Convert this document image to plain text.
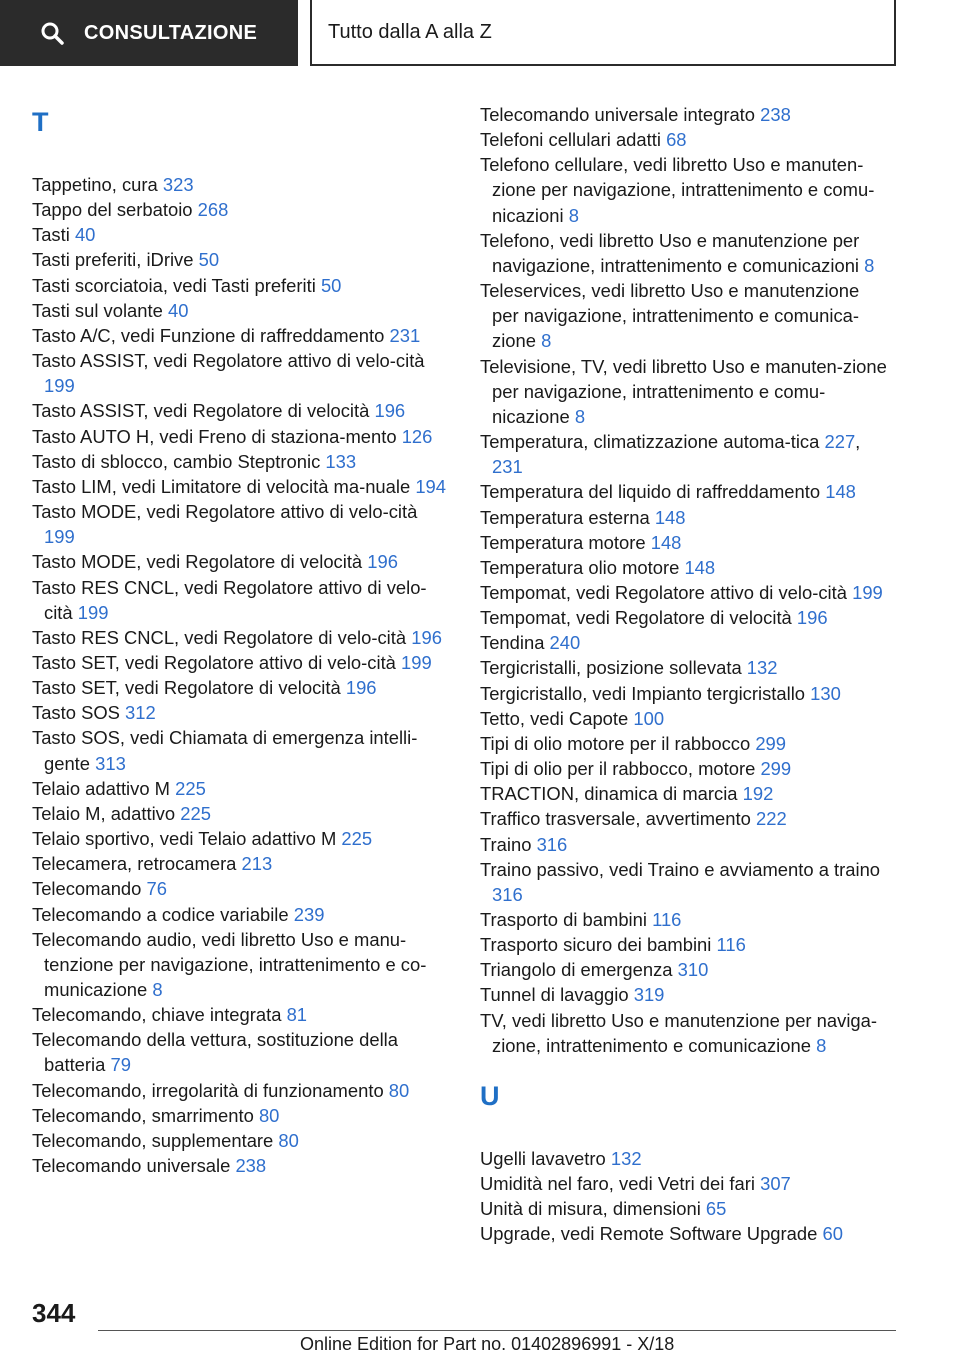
CONSULTAZIONE	Tutto dalla A alla Z
T
Tappetino, cura 323
Tappo del serbatoio 268
Tasti 40
Tasti preferiti, iDrive 50
Tasti scorciatoia, vedi Tasti preferiti 50
Tasti sul volante 40
Tasto A/C, vedi Funzione di raffreddamento 231
Tasto ASSIST, vedi Regolatore attivo di velo-​cità 199
Tasto ASSIST, vedi Regolatore di velocità 196
Tasto AUTO H, vedi Freno di staziona-​mento 126
Tasto di sblocco, cambio Steptronic 133
Tasto LIM, vedi Limitatore di velocità ma-​nuale 194
Tasto MODE, vedi Regolatore attivo di velo-​cità 199
Tasto MODE, vedi Regolatore di velocità 196
Tasto RES CNCL, vedi Regolatore attivo di velo-​cità 199
Tasto RES CNCL, vedi Regolatore di velo-​cità 196
Tasto SET, vedi Regolatore attivo di velo-​cità 199
Tasto SET, vedi Regolatore di velocità 196
Tasto SOS 312
Tasto SOS, vedi Chiamata di emergenza intelli-​gente 313
Telaio adattivo M 225
Telaio M, adattivo 225
Telaio sportivo, vedi Telaio adattivo M 225
Telecamera, retrocamera 213
Telecomando 76
Telecomando a codice variabile 239
Telecomando audio, vedi libretto Uso e manu-​tenzione per navigazione, intrattenimento e co-​municazione 8
Telecomando, chiave integrata 81
Telecomando della vettura, sostituzione della batteria 79
Telecomando, irregolarità di funzionamento 80
Telecomando, smarrimento 80
Telecomando, supplementare 80
Telecomando universale 238
Telecomando universale integrato 238
Telefoni cellulari adatti 68
Telefono cellulare, vedi libretto Uso e manuten-​zione per navigazione, intrattenimento e comu-​nicazioni 8
Telefono, vedi libretto Uso e manutenzione per navigazione, intrattenimento e comunicazioni 8
Teleservices, vedi libretto Uso e manutenzione per navigazione, intrattenimento e comunica-​zione 8
Televisione, TV, vedi libretto Uso e manuten-​zione per navigazione, intrattenimento e comu-​nicazione 8
Temperatura, climatizzazione automa-​tica 227, 231
Temperatura del liquido di raffreddamento 148
Temperatura esterna 148
Temperatura motore 148
Temperatura olio motore 148
Tempomat, vedi Regolatore attivo di velo-​cità 199
Tempomat, vedi Regolatore di velocità 196
Tendina 240
Tergicristalli, posizione sollevata 132
Tergicristallo, vedi Impianto tergicristallo 130
Tetto, vedi Capote 100
Tipi di olio motore per il rabbocco 299
Tipi di olio per il rabbocco, motore 299
TRACTION, dinamica di marcia 192
Traffico trasversale, avvertimento 222
Traino 316
Traino passivo, vedi Traino e avviamento a traino 316
Trasporto di bambini 116
Trasporto sicuro dei bambini 116
Triangolo di emergenza 310
Tunnel di lavaggio 319
TV, vedi libretto Uso e manutenzione per naviga-​zione, intrattenimento e comunicazione 8
U
Ugelli lavavetro 132
Umidità nel faro, vedi Vetri dei fari 307
Unità di misura, dimensioni 65
Upgrade, vedi Remote Software Upgrade 60
344
Online Edition for Part no. 01402896991 - X/18
